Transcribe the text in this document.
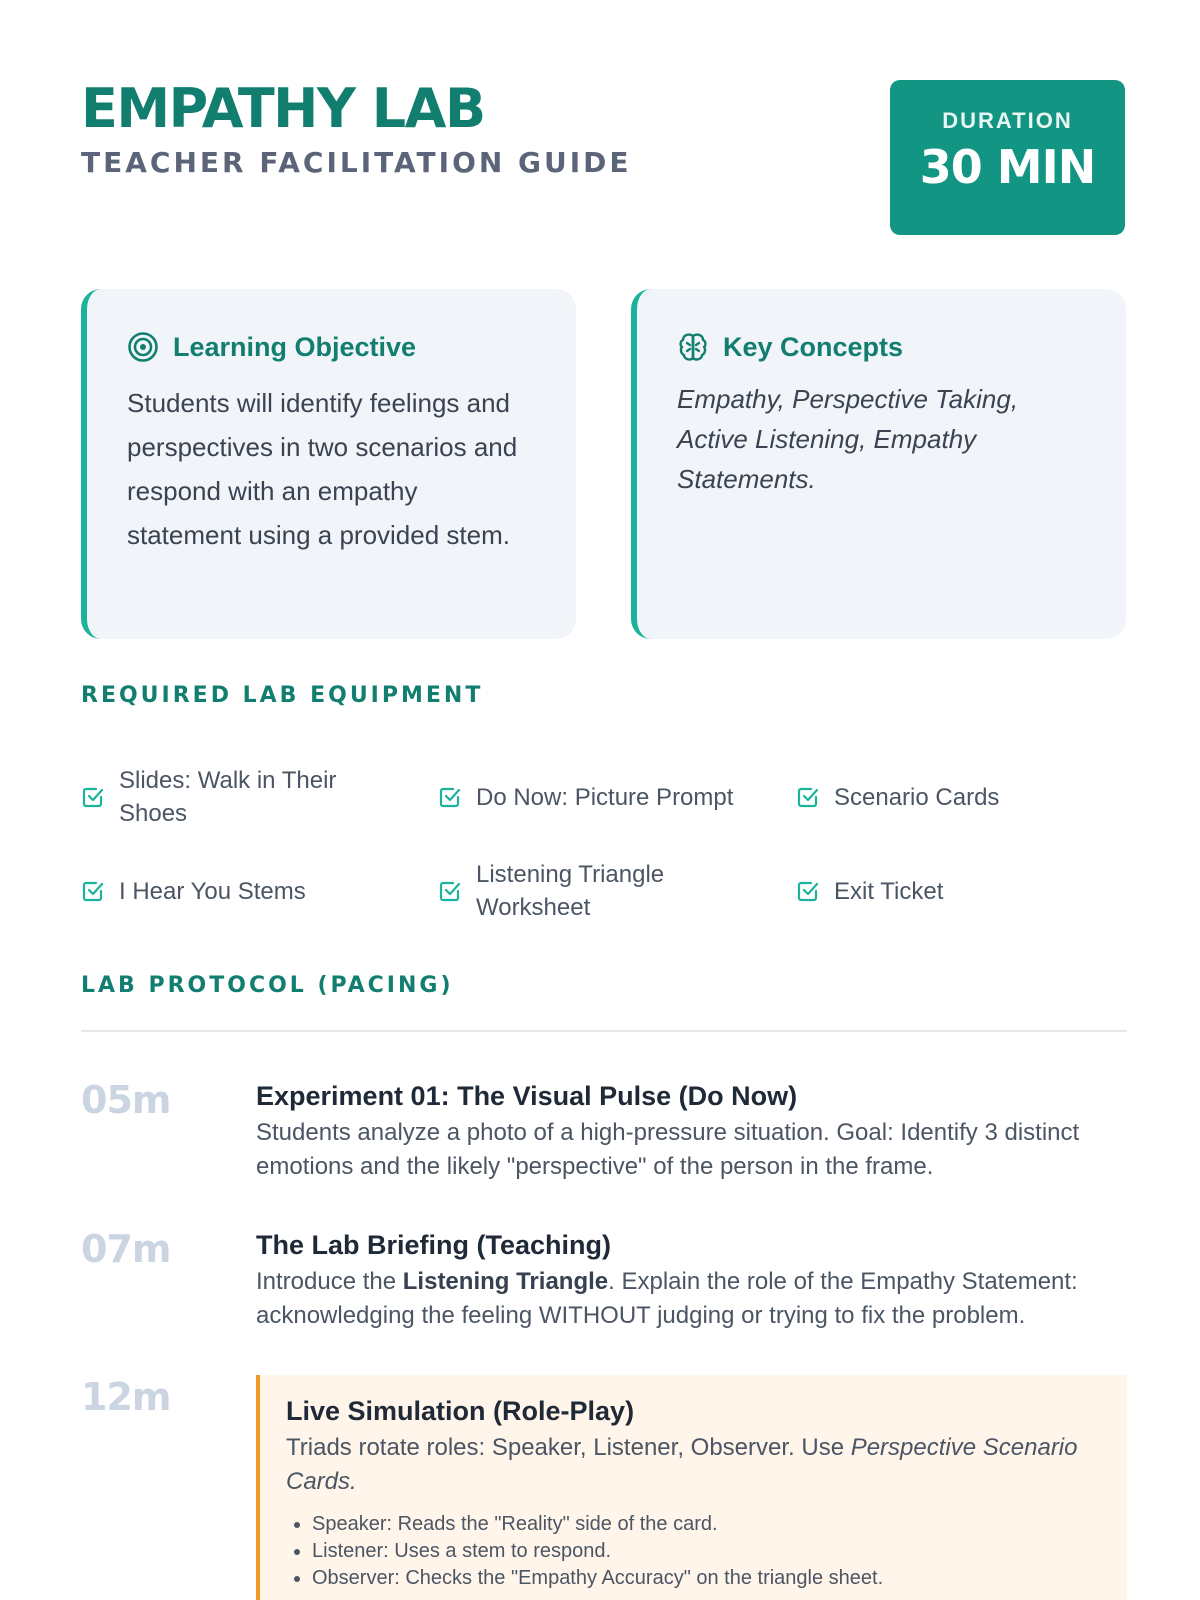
EMPATHY LAB
TEACHER FACILITATION GUIDE
DURATION
30 MIN
Learning Objective
Students will identify feelings and perspectives in two scenarios and respond with an empathy statement using a provided stem.
Key Concepts
Empathy, Perspective Taking, Active Listening, Empathy Statements.
REQUIRED LAB EQUIPMENT
Slides: Walk in Their Shoes
Do Now: Picture Prompt	Scenario Cards
I Hear You Stems
Listening Triangle Worksheet
Exit Ticket
LAB PROTOCOL (PACING)
05m	Experiment 01: The Visual Pulse (Do Now)
Students analyze a photo of a high-pressure situation. Goal: Identify 3 distinct emotions and the likely "perspective" of the person in the frame.
07m	The Lab Briefing (Teaching)
Introduce the Listening Triangle. Explain the role of the Empathy Statement: acknowledging the feeling WITHOUT judging or trying to fix the problem.
12m	Live Simulation (Role-Play)
Triads rotate roles: Speaker, Listener, Observer. Use Perspective Scenario Cards.
• Speaker: Reads the "Reality" side of the card.
• Listener: Uses a stem to respond.
• Observer: Checks the "Empathy Accuracy" on the triangle sheet.
